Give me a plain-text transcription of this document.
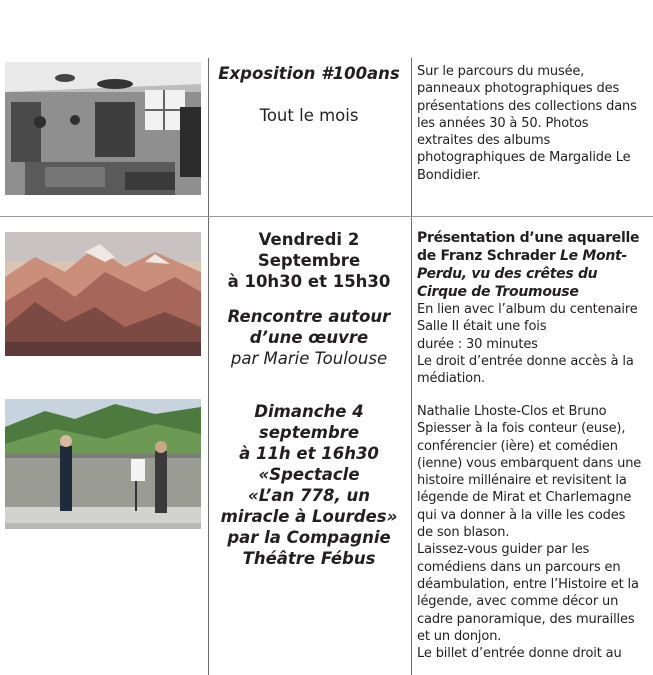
Exposition #100ans
Tout le mois
Sur le parcours du musée,
panneaux photographiques des
présentations des collections dans
les années 30 à 50. Photos
extraites des albums
photographiques de Margalide Le
Bondidier.
Vendredi 2
Septembre
à 10h30 et 15h30
Rencontre autour
d’une œuvre
par Marie Toulouse
Présentation d’une aquarelle
de Franz Schrader Le Mont-
Perdu, vu des crêtes du
Cirque de Troumouse
En lien avec l’album du centenaire
Salle II était une fois
durée : 30 minutes
Le droit d’entrée donne accès à la
médiation.
Dimanche 4
septembre
à 11h et 16h30
«Spectacle
«L’an 778, un
miracle à Lourdes»
par la Compagnie
Théâtre Fébus
Nathalie Lhoste-Clos et Bruno
Spiesser à la fois conteur (euse),
conférencier (ière) et comédien
(ienne) vous embarquent dans une
histoire millénaire et revisitent la
légende de Mirat et Charlemagne
qui va donner à la ville les codes
de son blason.
Laissez-vous guider par les
comédiens dans un parcours en
déambulation, entre l’Histoire et la
légende, avec comme décor un
cadre panoramique, des murailles
et un donjon.
Le billet d’entrée donne droit au
